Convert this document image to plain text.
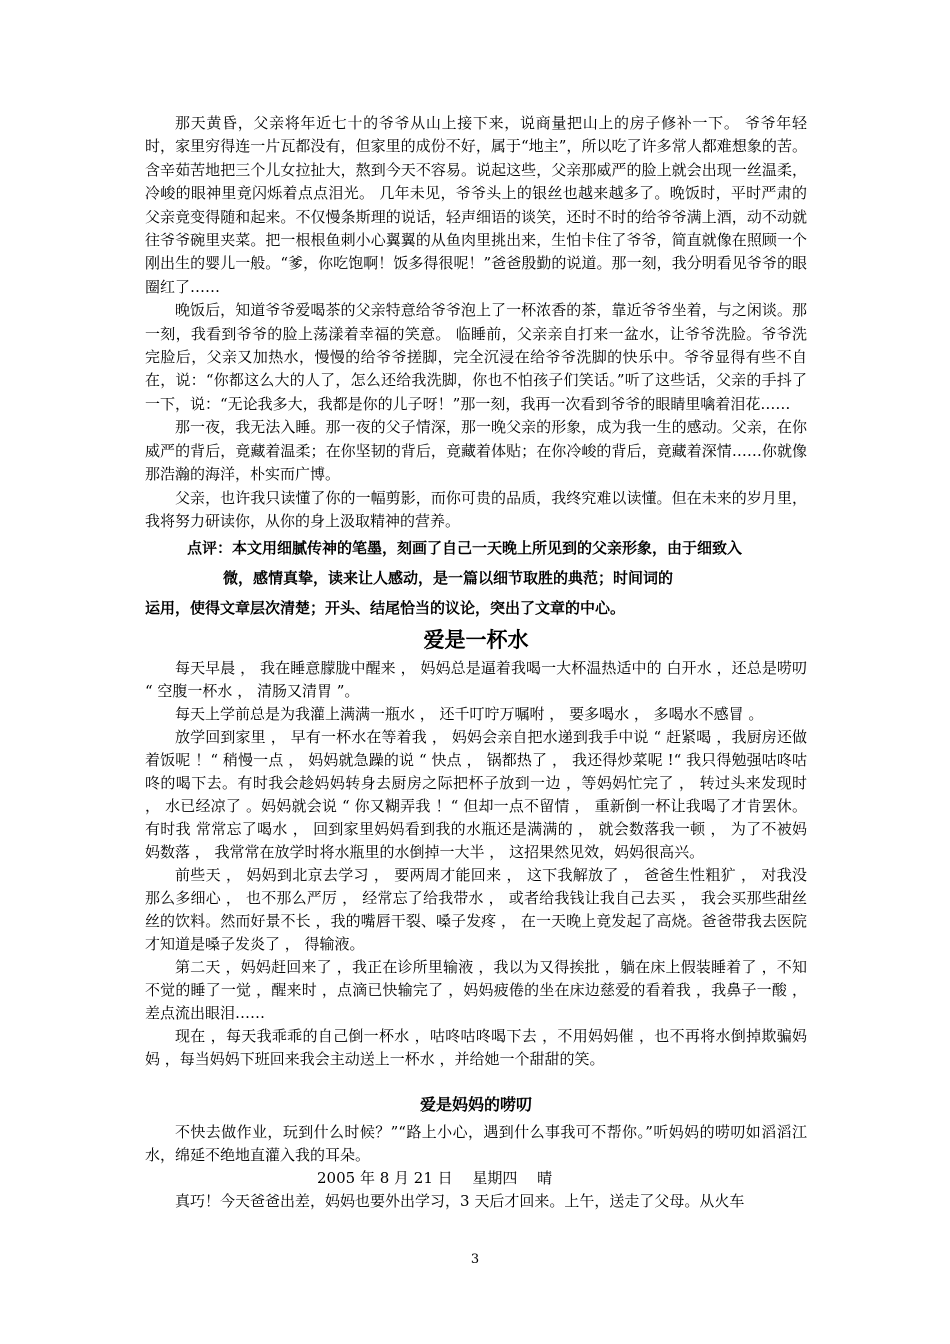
那天黄昏，父亲将年近七十的爷爷从山上接下来，说商量把山上的房子修补一下。 爷爷年轻时，家里穷得连一片瓦都没有，但家里的成份不好，属于“地主”，所以吃了许多常人都难想象的苦。含辛茹苦地把三个儿女拉扯大，熬到今天不容易。说起这些，父亲那威严的脸上就会出现一丝温柔，冷峻的眼神里竟闪烁着点点泪光。 几年未见，爷爷头上的银丝也越来越多了。晚饭时，平时严肃的父亲竟变得随和起来。不仅慢条斯理的说话，轻声细语的谈笑，还时不时的给爷爷满上酒，动不动就往爷爷碗里夹菜。把一根根鱼刺小心翼翼的从鱼肉里挑出来，生怕卡住了爷爷，简直就像在照顾一个刚出生的婴儿一般。“爹，你吃饱啊！饭多得很呢！”爸爸殷勤的说道。那一刻，我分明看见爷爷的眼圈红了……

晚饭后，知道爷爷爱喝茶的父亲特意给爷爷泡上了一杯浓香的茶，靠近爷爷坐着，与之闲谈。那一刻，我看到爷爷的脸上荡漾着幸福的笑意。 临睡前，父亲亲自打来一盆水，让爷爷洗脸。爷爷洗完脸后，父亲又加热水，慢慢的给爷爷搓脚，完全沉浸在给爷爷洗脚的快乐中。爷爷显得有些不自在，说：“你都这么大的人了，怎么还给我洗脚，你也不怕孩子们笑话。”听了这些话，父亲的手抖了一下，说：“无论我多大，我都是你的儿子呀！”那一刻，我再一次看到爷爷的眼睛里噙着泪花……

那一夜，我无法入睡。那一夜的父子情深，那一晚父亲的形象，成为我一生的感动。父亲，在你威严的背后，竟藏着温柔；在你坚韧的背后，竟藏着体贴；在你冷峻的背后，竟藏着深情……你就像那浩瀚的海洋，朴实而广博。

父亲，也许我只读懂了你的一幅剪影，而你可贵的品质，我终究难以读懂。但在未来的岁月里，我将努力研读你，从你的身上汲取精神的营养。

点评：本文用细腻传神的笔墨，刻画了自己一天晚上所见到的父亲形象，由于细致入
微，感情真挚，读来让人感动，是一篇以细节取胜的典范；时间词的
运用，使得文章层次清楚；开头、结尾恰当的议论，突出了文章的中心。
爱是一杯水

每天早晨 ， 我在睡意朦胧中醒来 ， 妈妈总是逼着我喝一大杯温热适中的 白开水 ，还总是唠叨 “ 空腹一杯水 ， 清肠又清胃 ”。

每天上学前总是为我灌上满满一瓶水 ， 还千叮咛万嘱咐 ， 要多喝水 ， 多喝水不感冒 。

放学回到家里 ， 早有一杯水在等着我 ， 妈妈会亲自把水递到我手中说 “ 赶紧喝 ，我厨房还做着饭呢 ！“ 稍慢一点 ， 妈妈就急躁的说 “ 快点 ， 锅都热了 ， 我还得炒菜呢 !“ 我只得勉强咕咚咕咚的喝下去。有时我会趁妈妈转身去厨房之际把杯子放到一边 ，等妈妈忙完了 ， 转过头来发现时 ， 水已经凉了 。妈妈就会说 “ 你又糊弄我 ！“ 但却一点不留情 ， 重新倒一杯让我喝了才肯罢休。有时我 常常忘了喝水 ， 回到家里妈妈看到我的水瓶还是满满的 ， 就会数落我一顿 ， 为了不被妈妈数落 ， 我常常在放学时将水瓶里的水倒掉一大半 ， 这招果然见效，妈妈很高兴。

前些天 ， 妈妈到北京去学习 ， 要两周才能回来 ， 这下我解放了 ， 爸爸生性粗犷 ， 对我没那么多细心 ， 也不那么严厉 ， 经常忘了给我带水 ， 或者给我钱让我自己去买 ， 我会买那些甜丝丝的饮料。然而好景不长 ，我的嘴唇干裂、嗓子发疼 ， 在一天晚上竟发起了高烧。爸爸带我去医院才知道是嗓子发炎了 ， 得输液。

第二天 ，妈妈赶回来了 ，我正在诊所里输液 ，我以为又得挨批 ，躺在床上假装睡着了 ，不知不觉的睡了一觉 ，醒来时 ，点滴已快输完了 ，妈妈疲倦的坐在床边慈爱的看着我 ，我鼻子一酸 ，差点流出眼泪……

现在 ，每天我乖乖的自己倒一杯水 ，咕咚咕咚喝下去 ，不用妈妈催 ，也不再将水倒掉欺骗妈妈 ，每当妈妈下班回来我会主动送上一杯水 ，并给她一个甜甜的笑。

爱是妈妈的唠叨

不快去做作业，玩到什么时候？”“路上小心，遇到什么事我可不帮你。”听妈妈的唠叨如滔滔江水，绵延不绝地直灌入我的耳朵。

2005 年 8 月 21 日　 星期四　 晴

真巧！今天爸爸出差，妈妈也要外出学习，3 天后才回来。上午，送走了父母。从火车

3
